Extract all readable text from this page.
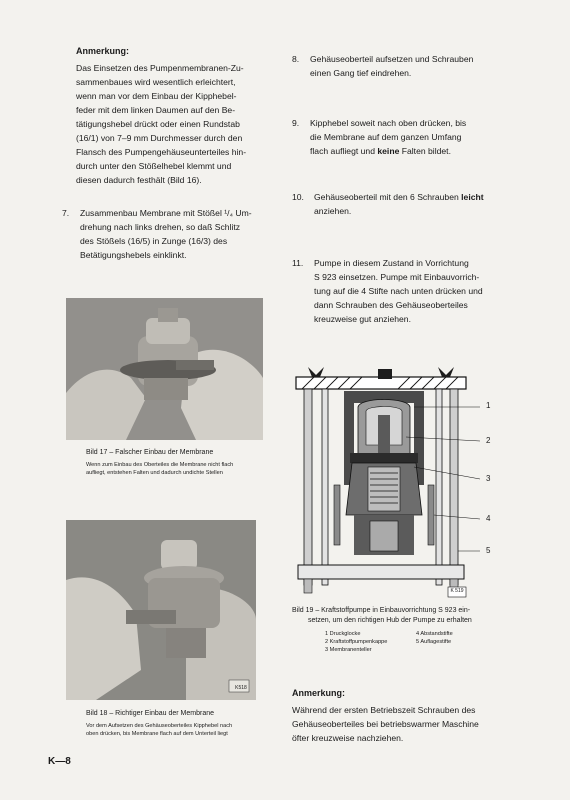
Anmerkung:
Das Einsetzen des Pumpenmembranen-Zu-
sammenbaues wird wesentlich erleichtert,
wenn man vor dem Einbau der Kipphebel-
feder mit dem linken Daumen auf den Be-
tätigungshebel drückt oder einen Rundstab
(16/1) von 7–9 mm Durchmesser durch den
Flansch des Pumpengehäuseunterteiles hin-
durch unter den Stößelhebel klemmt und
diesen dadurch festhält (Bild 16).
7.	Zusammenbau Membrane mit Stößel ¹/₄ Um-
drehung nach links drehen, so daß Schlitz
des Stößels (16/5) in Zunge (16/3) des
Betätigungshebels einklinkt.
Bild 17 – Falscher Einbau der Membrane
Wenn zum Einbau des Oberteiles die Membrane nicht flach
aufliegt, entstehen Falten und dadurch undichte Stellen
K518
Bild 18 – Richtiger Einbau der Membrane
Vor dem Aufsetzen des Gehäuseoberteiles Kipphebel nach
oben drücken, bis Membrane flach auf dem Unterteil liegt
K—8
8.	Gehäuseoberteil aufsetzen und Schrauben
einen Gang tief eindrehen.
9.	Kipphebel soweit nach oben drücken, bis
die Membrane auf dem ganzen Umfang
flach aufliegt und keine Falten bildet.
10.	Gehäuseoberteil mit den 6 Schrauben leicht
anziehen.
11.	Pumpe in diesem Zustand in Vorrichtung
S 923 einsetzen. Pumpe mit Einbauvorrich-
tung auf die 4 Stifte nach unten drücken und
dann Schrauben des Gehäuseoberteiles
kreuzweise gut anziehen.
1
2
3
4
5
K 519
Bild 19 – Kraftstoffpumpe in Einbauvorrichtung S 923 ein-
setzen, um den richtigen Hub der Pumpe zu erhalten
1 Druckglocke
2 Kraftstoffpumpenkappe
3 Membranenteller
4 Abstandstifte
5 Auflagestifte
Anmerkung:
Während der ersten Betriebszeit Schrauben des
Gehäuseoberteiles bei betriebswarmer Maschine
öfter kreuzweise nachziehen.
